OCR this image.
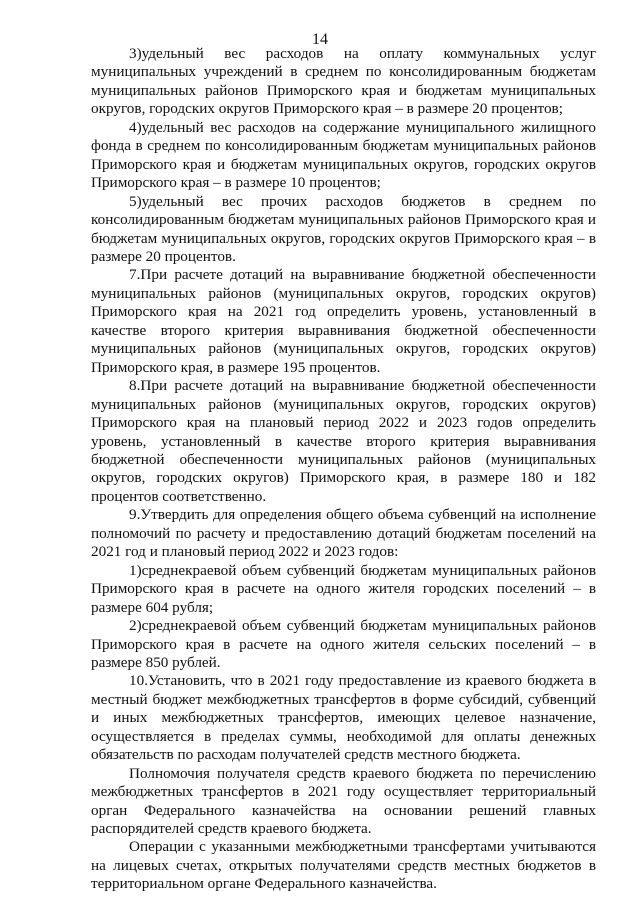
14

3)удельный вес расходов на оплату коммунальных услуг муниципальных учреждений в среднем по консолидированным бюджетам муниципальных районов Приморского края и бюджетам муниципальных округов, городских округов Приморского края – в размере 20 процентов;

4)удельный вес расходов на содержание муниципального жилищного фонда в среднем по консолидированным бюджетам муниципальных районов Приморского края и бюджетам муниципальных округов, городских округов Приморского края – в размере 10 процентов;

5)удельный вес прочих расходов бюджетов в среднем по консолидированным бюджетам муниципальных районов Приморского края и бюджетам муниципальных округов, городских округов Приморского края – в размере 20 процентов.

7.При расчете дотаций на выравнивание бюджетной обеспеченности муниципальных районов (муниципальных округов, городских округов) Приморского края на 2021 год определить уровень, установленный в качестве второго критерия выравнивания бюджетной обеспеченности муниципальных районов (муниципальных округов, городских округов) Приморского края, в размере 195 процентов.

8.При расчете дотаций на выравнивание бюджетной обеспеченности муниципальных районов (муниципальных округов, городских округов) Приморского края на плановый период 2022 и 2023 годов определить уровень, установленный в качестве второго критерия выравнивания бюджетной обеспеченности муниципальных районов (муниципальных округов, городских округов) Приморского края, в размере 180 и 182 процентов соответственно.

9.Утвердить для определения общего объема субвенций на исполнение полномочий по расчету и предоставлению дотаций бюджетам поселений на 2021 год и плановый период 2022 и 2023 годов:

1)среднекраевой объем субвенций бюджетам муниципальных районов Приморского края в расчете на одного жителя городских поселений – в размере 604 рубля;

2)среднекраевой объем субвенций бюджетам муниципальных районов Приморского края в расчете на одного жителя сельских поселений – в размере 850 рублей.

10.Установить, что в 2021 году предоставление из краевого бюджета в местный бюджет межбюджетных трансфертов в форме субсидий, субвенций и иных межбюджетных трансфертов, имеющих целевое назначение, осуществляется в пределах суммы, необходимой для оплаты денежных обязательств по расходам получателей средств местного бюджета.

Полномочия получателя средств краевого бюджета по перечислению межбюджетных трансфертов в 2021 году осуществляет территориальный орган Федерального казначейства на основании решений главных распорядителей средств краевого бюджета.

Операции с указанными межбюджетными трансфертами учитываются на лицевых счетах, открытых получателями средств местных бюджетов в территориальном органе Федерального казначейства.
